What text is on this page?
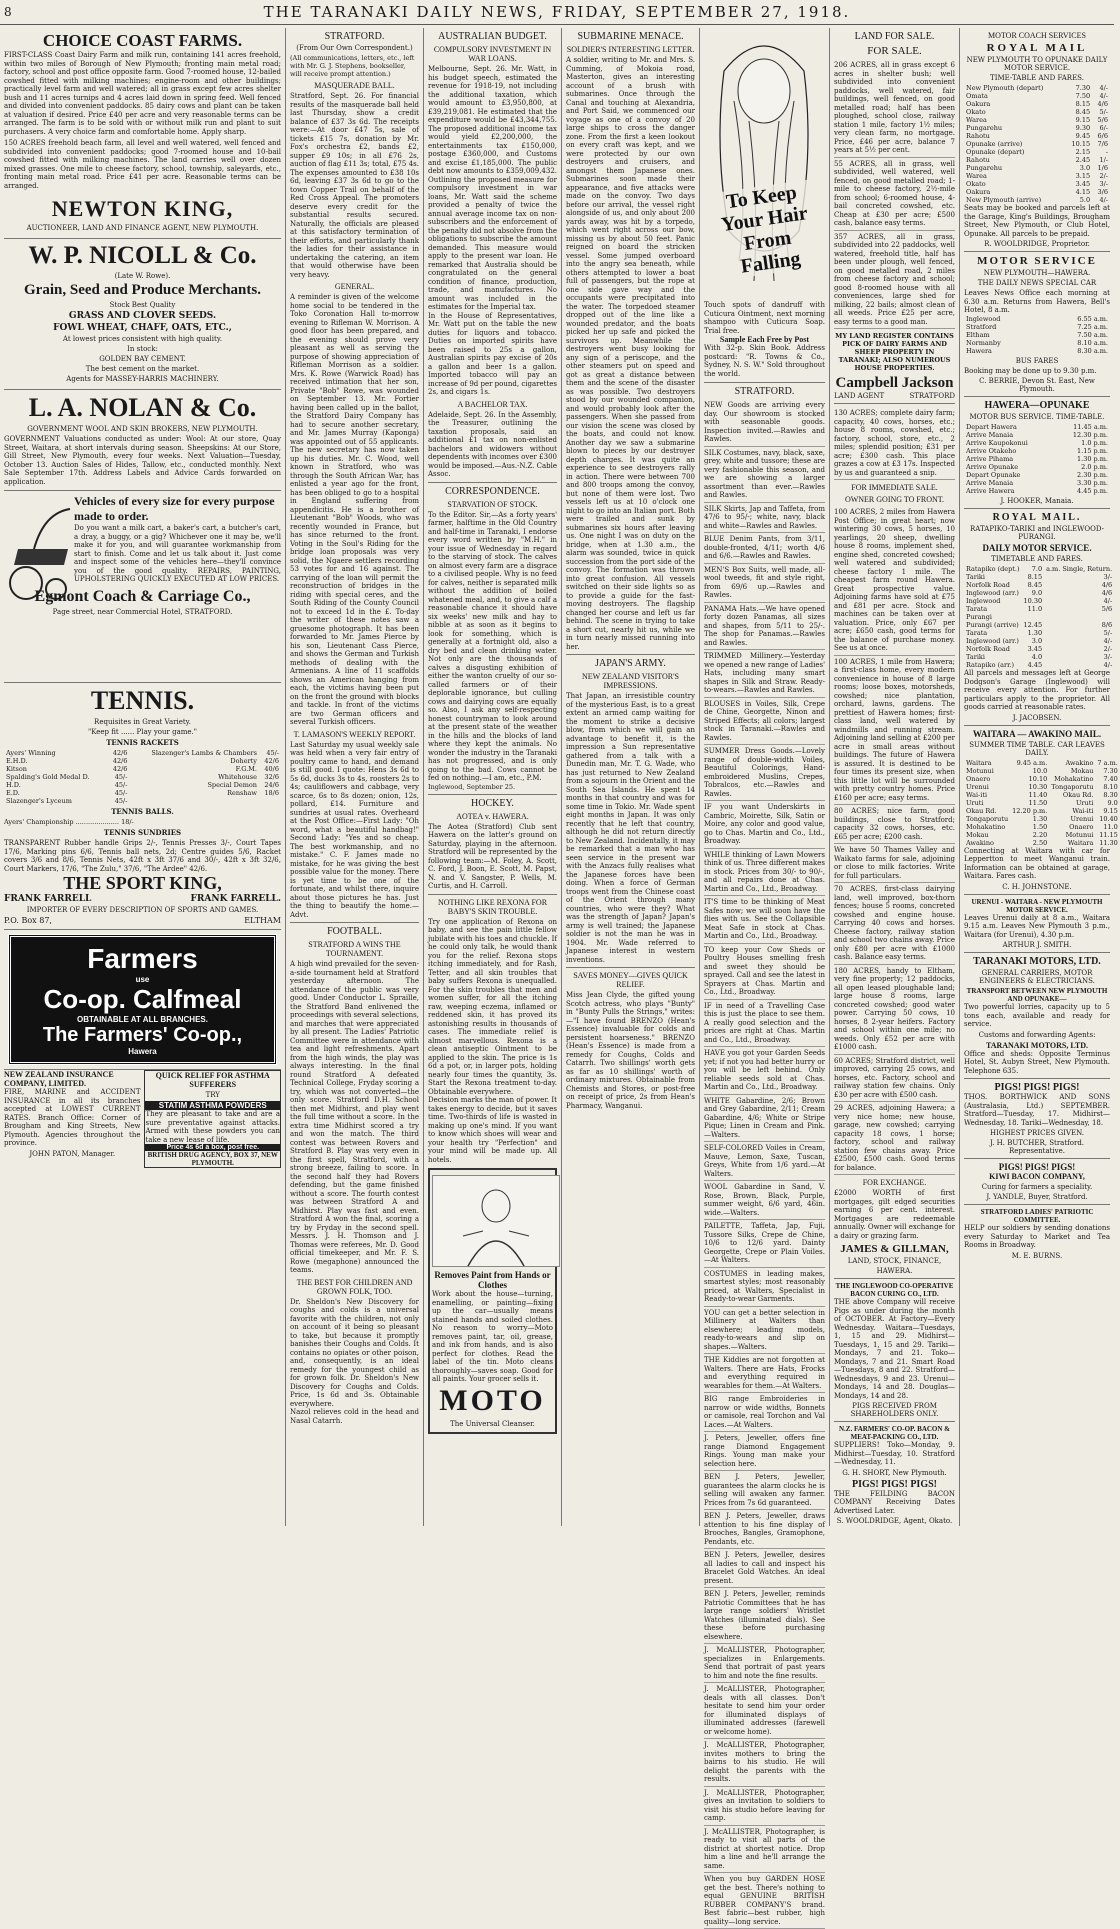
8	THE TARANAKI DAILY NEWS, FRIDAY, SEPTEMBER 27, 1918.
CHOICE COAST FARMS.
FIRST-CLASS Coast Dairy Farm and milk run, containing 141 acres freehold, within two miles of Borough of New Plymouth; fronting main metal road; factory, school and post office opposite farm. Good 7-roomed house, 12-bailed cowshed fitted with milking machines; engine-room and other buildings; practically level farm and well watered; all in grass except few acres shelter bush and 11 acres turnips and 4 acres laid down in spring feed. Well fenced and divided into convenient paddocks. 85 dairy cows and plant can be taken at valuation if desired. Price £40 per acre and very reasonable terms can be arranged. The farm is to be sold with or without milk run and plant to suit purchasers. A very choice farm and comfortable home. Apply sharp.
150 ACRES freehold beach farm, all level and well watered, well fenced and subdivided into convenient paddocks; good 7-roomed house and 10-bail cowshed fitted with milking machines. The land carries well over dozen mixed grasses. One mile to cheese factory, school, township, saleyards, etc., fronting main metal road. Price £41 per acre. Reasonable terms can be arranged.
NEWTON KING,
AUCTIONEER, LAND AND FINANCE AGENT, NEW PLYMOUTH.
W. P. NICOLL & Co.
(Late W. Rowe).
Grain, Seed and Produce Merchants.
Stock Best Quality
GRASS AND CLOVER SEEDS.
FOWL WHEAT, CHAFF, OATS, ETC.,
At lowest prices consistent with high quality.
In stock:
GOLDEN BAY CEMENT.
The best cement on the market.
Agents for MASSEY-HARRIS MACHINERY.
L. A. NOLAN & Co.
GOVERNMENT WOOL AND SKIN BROKERS, NEW PLYMOUTH.
GOVERNMENT Valuations conducted as under: Wool: At our store, Quay Street, Waitara, at short intervals during season. Sheepskins: At our Store, Gill Street, New Plymouth, every four weeks. Next Valuation—Tuesday, October 13. Auction Sales of Hides, Tallow, etc., conducted monthly. Next Sale September 17th. Address Labels and Advice Cards forwarded on application.
Vehicles of every size for every purpose made to order.
Do you want a milk cart, a baker's cart, a butcher's cart, a dray, a buggy, or a gig? Whichever one it may be, we'll make it for you, and will guarantee workmanship from start to finish. Come and let us talk about it. Just come and inspect some of the vehicles here—they'll convince you of the good quality. REPAIRS, PAINTING, UPHOLSTERING QUICKLY EXECUTED AT LOW PRICES.
Egmont Coach & Carriage Co.,
Page street, near Commercial Hotel, STRATFORD.
TENNIS.
Requisites in Great Variety.
"Keep fit ...... Play your game."
TENNIS RACKETS
Ayers' Winning	42/6	Slazenger's Lambs & Chambers	45/-
E.H.D.	42/6	Doherty	42/6
Kitson	42/6	F.G.M.	40/6
Spalding's Gold Medal D.	45/-	Whitehouse	32/6
H.D.	45/-	Special Demon	24/6
E.D.	45/-	Renshaw	18/6
Slazenger's Lyceum	45/-		
TENNIS BALLS.
Ayers' Championship ..................... 18/-
TENNIS SUNDRIES
TRANSPARENT Rubber handle Grips 2/-, Tennis Presses 3/-, Court Tapes 17/6, Marking pins 6/6, Tennis ball nets, 2d; Centre guides 5/6, Racket covers 3/6 and 8/6, Tennis Nets, 42ft x 3ft 37/6 and 30/-, 42ft x 3ft 32/6, Court Markers, 17/6, "The Zulu," 37/6, "The Ardee" 42/6.
THE SPORT KING,
FRANK FARRELL	FRANK FARRELL.
IMPORTER OF EVERY DESCRIPTION OF SPORTS AND GAMES.
P.O. Box 87,	ELTHAM
Farmers
use
Co-op. Calfmeal
OBTAINABLE AT ALL BRANCHES.
The Farmers' Co-op.,
Hawera
NEW ZEALAND INSURANCE COMPANY, LIMITED.
FIRE, MARINE and ACCIDENT INSURANCE in all its branches accepted at LOWEST CURRENT RATES. Branch Office: Corner of Brougham and King Streets, New Plymouth. Agencies throughout the province.
JOHN PATON, Manager.
QUICK RELIEF FOR ASTHMA SUFFERERS
TRY
STATIM ASTHMA POWDERS
They are pleasant to take and are a sure preventative against attacks. Armed with these powders you can take a new lease of life.
Price 4s 6d a box, post free.
BRITISH DRUG AGENCY, BOX 37, NEW PLYMOUTH.
STRATFORD.
(From Our Own Correspondent.)
(All communications, letters, etc., left with Mr. G. J. Stephens, bookseller, will receive prompt attention.)
MASQUERADE BALL.
Stratford, Sept. 26. For financial results of the masquerade ball held last Thursday, show a credit balance of £37 3s 6d. The receipts were:—At door £47 5s, sale of tickets £15 7s, donation by Mr. Fox's orchestra £2, bands £2, supper £9 10s; in all £76 2s, auction of flag £11 3s; total, £75 4s. The expenses amounted to £38 10s 6d, leaving £37 3s 6d to go to the town Copper Trail on behalf of the Red Cross Appeal. The promoters deserve every credit for the substantial results secured. Naturally, the officials are pleased at this satisfactory termination of their efforts, and particularly thank the ladies for their assistance in undertaking the catering, an item that would otherwise have been very heavy.
GENERAL.
A reminder is given of the welcome home social to be tendered in the Toko Coronation Hall to-morrow evening to Rifleman W. Morrison. A good floor has been prepared, and the evening should prove very pleasant as well as serving the purpose of showing appreciation of Rifleman Morrison as a soldier. Mrs. K. Rowe (Warwick Road) has received intimation that her son, Private "Bob" Rowe, was wounded on September 13. Mr. Fortier having been called up in the ballot, the Stratford Dairy Company has had to secure another secretary, and Mr. James Murray (Kaponga) was appointed out of 55 applicants. The new secretary has now taken up his duties. Mr. C. Wood, well known in Stratford, who was through the South African War, has enlisted a year ago for the front, has been obliged to go to a hospital in England suffering from appendicitis. He is a brother of Lieutenant "Bob" Woods, who was recently wounded in France, but has since returned to the front. Voting in the Soul's Riding for the bridge loan proposals was very solid, the Ngaere settlers recording 53 votes for and 16 against. The carrying of the loan will permit the reconstruction of bridges in the riding with special ceres, and the South Riding of the County Council not to exceed 1d in the £. To-day the writer of these notes saw a gruesome photograph. It has been forwarded to Mr. James Pierce by his son, Lieutenant Cass Pierce, and shows the German and Turkish methods of dealing with the Armenians. A line of 11 scaffolds shows an American hanging from each, the victims having been put on the front the ground with blocks and tackle. In front of the victims are two German officers and several Turkish officers.
T. LAMASON'S WEEKLY REPORT.
Last Saturday my usual weekly sale was held when a very fair entry of poultry came to hand, and demand is still good. I quote: Hens 3s 6d to 5s 6d, ducks 3s to 4s, roosters 2s to 4s; cauliflowers and cabbage, very scarce, 6s to 8s dozen; onion, 12s, pollard, £14. Furniture and sundries at usual rates. Overheard at the Post Office:—First Lady: "Oh word, what a beautiful handbag!" Second Lady: "Yes and so cheap. The best workmanship, and no mistake." C. F. James made no mistake, for he was giving the best possible value for the money. There is yet time to be one of the fortunate, and whilst there, inquire about those pictures he has. Just the thing to beautify the home.—Advt.
FOOTBALL.
STRATFORD A WINS THE TOURNAMENT.
A high wind prevailed for the seven-a-side tournament held at Stratford yesterday afternoon. The attendance of the public was very good. Under Conductor L. Spraille, the Stratford Band enlivened the proceedings with several selections, and marches that were appreciated by all present. The Ladies' Patriotic Committee were in attendance with tea and light refreshments. Apart from the high winds, the play was always interesting. In the final round Stratford A defeated Technical College, Fryday scoring a try, which was not converted—the only score. Stratford D.H. School then met Midhirst, and play went the full time without a score. In the extra time Midhirst scored a try and won the match. The third contest was between Rovers and Stratford B. Play was very even in the first spell, Stratford, with a strong breeze, failing to score. In the second half they had Rovers defending, but the game finished without a score. The fourth contest was between Stratford A and Midhirst. Play was fast and even. Stratford A won the final, scoring a try by Fryday in the second spell. Messrs. J. H. Thomson and J. Thomas were referees, Mr. D. Good official timekeeper, and Mr. F. S. Rowe (megaphone) announced the teams.
THE BEST FOR CHILDREN AND GROWN FOLK, TOO.
Dr. Sheldon's New Discovery for coughs and colds is a universal favorite with the children, not only on account of it being so pleasant to take, but because it promptly banishes their Coughs and Colds. It contains no opiates or other poison, and, consequently, is an ideal remedy for the youngest child as for grown folk. Dr. Sheldon's New Discovery for Coughs and Colds. Price, 1s 6d and 3s. Obtainable everywhere.
Nazol relieves cold in the head and Nasal Catarrh.
AUSTRALIAN BUDGET.
COMPULSORY INVESTMENT IN WAR LOANS.
Melbourne, Sept. 26. Mr. Watt, in his budget speech, estimated the revenue for 1918-19, not including the additional taxation, which would amount to £3,950,800, at £39,219,081. He estimated that the expenditure would be £43,344,755. The proposed additional income tax would yield £2,200,000, the entertainments tax £150,000, postage £360,000, and Customs and excise £1,185,000. The public debt now amounts to £359,009,432. Outlining the proposed measure for compulsory investment in war loans, Mr. Watt said the scheme provided a penalty of twice the annual average income tax on non-subscribers and the enforcement of the penalty did not absolve from the obligations to subscribe the amount demanded. This measure would apply to the present war loan. He remarked that Australia should be congratulated on the general condition of finance, production, trade, and manufactures. No amount was included in the estimates for the Imperial tax.
In the House of Representatives, Mr. Watt put on the table the new duties for liquors and tobacco. Duties on imported spirits have been raised to 25s a gallon, Australian spirits pay excise of 20s a gallon and beer 1s a gallon. Imported tobacco will pay an increase of 9d per pound, cigarettes 2s, and cigars 1s.
A BACHELOR TAX.
Adelaide, Sept. 26. In the Assembly, the Treasurer, outlining the taxation proposals, said an additional £1 tax on non-enlisted bachelors and widowers without dependents with incomes over £300 would be imposed.—Aus.-N.Z. Cable Assoc.
CORRESPONDENCE.
STARVATION OF STOCK.
To the Editor. Sir,—As a forty years' farmer, halftime in the Old Country and half-time in Taranaki, I endorse every word written by "M.H." in your issue of Wednesday in regard to the starving of stock. The calves on almost every farm are a disgrace to a civilised people. Why is no feed for calves, neither is separated milk without the addition of boiled whatened meal, and, to give a calf a reasonable chance it should have six weeks' new milk and hay to nibble at as soon as it begins to look for something, which is generally at a fortnight old, also a dry bed and clean drinking water. Not only are the thousands of calves a disgusting exhibition of either the wanton cruelty of our so-called farmers or of their deplorable ignorance, but culling cows and dairying cows are equally so. Also, I ask any self-respecting honest countryman to look around at the present state of the weather in the hills and the blocks of land where they kept the animals. No wonder the industry in the Taranaki has not progressed, and is only going to the bad. Cows cannot be fed on nothing.—I am, etc., P.M.
Inglewood, September 25.
HOCKEY.
AOTEA v. HAWERA.
The Aotea (Stratford) Club sent Hawera on the latter's ground on Saturday, playing in the afternoon. Stratford will be represented by the following team:—M. Foley, A. Scott, C. Ford, J. Boon, E. Scott, M. Papst, N. and V. Sangster, P. Wells, M. Curtis, and H. Carroll.
NOTHING LIKE REXONA FOR BABY'S SKIN TROUBLE.
Try one application of Rexona on baby, and see the pain little fellow jubilate with his toes and chuckle. If he could only talk, he would thank you for the relief. Rexona stops itching immediately, and for Rash, Tetter, and all skin troubles that baby suffers Rexona is unequalled. For the skin troubles that men and women suffer, for all the itching raw, weeping eczema, inflamed or reddened skin, it has proved its astonishing results in thousands of cases. The immediate relief is almost marvellous. Rexona is a clean antiseptic Ointment to be applied to the skin. The price is 1s 6d a pot, or, in larger pots, holding nearly four times the quantity, 3s. Start the Rexona treatment to-day. Obtainable everywhere.
Decision marks the man of power. It takes energy to decide, but it saves time. Two-thirds of life is wasted in making up one's mind. If you want to know which shoes will wear and your health try "Perfection" and your mind will be made up. All hotels.
Removes Paint from Hands or Clothes
Work about the house—turning, enamelling, or painting—fixing up the car—usually means stained hands and soiled clothes. No reason to worry—Moto removes paint, tar, oil, grease, and ink from hands, and is also perfect for clothes. Read the label of the tin. Moto cleans thoroughly—saves soap. Good for all paints. Your grocer sells it.
MOTO
The Universal Cleanser.
SUBMARINE MENACE.
SOLDIER'S INTERESTING LETTER.
A soldier, writing to Mr. and Mrs. S. Cumming, of Mokoia road, Masterton, gives an interesting account of a brush with submarines. Once through the Canal and touching at Alexandria, and Port Said, we commenced our voyage as one of a convoy of 20 large ships to cross the danger zone. From the first a keen lookout on every craft was kept, and we were protected by our own destroyers and cruisers, and amongst them Japanese ones. Submarines soon made their appearance, and five attacks were made on the convoy. Two days before our arrival, the vessel right alongside of us, and only about 200 yards away, was hit by a torpedo, which went right across our bow, missing us by about 50 feet. Panic reigned on board the stricken vessel. Some jumped overboard into the angry sea beneath, while others attempted to lower a boat full of passengers, but the rope at one side gave way and the occupants were precipitated into the water. The torpedoed steamer dropped out of the line like a wounded predator, and the boats picked her up safe and picked the survivors up. Meanwhile the destroyers went busy looking for any sign of a periscope, and the other steamers put on speed and got as great a distance between them and the scene of the disaster as was possible. Two destroyers stood by our wounded companion, and would probably look after the passengers. When she passed from our vision the scene was closed by the boats, and could not know. Another day we saw a submarine blown to pieces by our destroyer depth charges. It was quite an experience to see destroyers rally in action. There were between 700 and 800 troops among the convoy, but none of them were lost. Two vessels left us at 10 o'clock one night to go into an Italian port. Both were trailed and sunk by submarines six hours after leaving us. One night I was on duty on the bridge, when at 1.30 a.m., the alarm was sounded, twice in quick succession from the port side of the convoy. The formation was thrown into great confusion. All vessels switched on their side lights so as to provide a guide for the fast-moving destroyers. The flagship changed her course and left us far behind. The scene in trying to take a short cut, nearly hit us, while we in turn nearly missed running into her.
JAPAN'S ARMY.
NEW ZEALAND VISITOR'S IMPRESSIONS.
That Japan, an irresistible country of the mysterious East, is to a great extent an armed camp waiting for the moment to strike a decisive blow, from which we will gain an advantage to benefit it, is the impression a Sun representative gathered from a talk with a Dunedin man, Mr. T. G. Wade, who has just returned to New Zealand from a sojourn in the Orient and the South Sea Islands. He spent 14 months in that country and was for some time in Tokio. Mr. Wade spent eight months in Japan. It was only recently that he left that country, although he did not return directly to New Zealand. Incidentally, it may be remarked that a man who has seen service in the present war with the Anzacs fully realises what the Japanese forces have been doing. When a force of German troops went from the Chinese coast of the Orient through many countries, who were they? What was the strength of Japan? Japan's army is well trained; the Japanese soldier is not the man he was in 1904. Mr. Wade referred to Japanese interest in western inventions.
SAVES MONEY—GIVES QUICK RELIEF.
Miss Jean Clyde, the gifted young Scotch actress, who plays "Bunty" in "Bunty Pulls the Strings," writes:—"I have found BRENZO (Hean's Essence) invaluable for colds and persistent hoarseness." BRENZO (Hean's Essence) is made from a remedy for Coughs, Colds and Catarrh. Two shillings' worth gets as far as 10 shillings' worth of ordinary mixtures. Obtainable from Chemists and Stores, or post-free on receipt of price, 2s from Hean's Pharmacy, Wanganui.
To Keep Your Hair From Falling
Touch spots of dandruff with Cuticura Ointment, next morning shampoo with Cuticura Soap. Trial free.
Sample Each Free by Post
With 32-p. Skin Book. Address postcard: "R. Towns & Co., Sydney, N. S. W." Sold throughout the world.
STRATFORD.
NEW Goods are arriving every day. Our showroom is stocked with seasonable goods. Inspection invited.—Rawles and Rawles.
SILK Costumes, navy, black, saxe, grey, white and tussore; these are very fashionable this season, and we are showing a larger assortment than ever.—Rawles and Rawles.
SILK Skirts, Jap and Taffeta, from 47/6 to 95/-; white, navy, black and white—Rawles and Rawles.
BLUE Denim Pants, from 3/11, double-fronted, 4/11; worth 4/6 and 6/6.—Rawles and Rawles.
MEN'S Box Suits, well made, all-wool tweeds, fit and style right, from 69/6 up.—Rawles and Rawles.
PANAMA Hats.—We have opened forty dozen Panamas, all sizes and shapes, from 5/11 to 25/-. The shop for Panamas.—Rawles and Rawles.
TRIMMED Millinery.—Yesterday we opened a new range of Ladies' Hats, including many smart shapes in Silk and Straw. Ready-to-wears.—Rawles and Rawles.
BLOUSES in Voiles, Silk, Crepe de Chine, Georgette, Ninon and Striped Effects; all colors; largest stock in Taranaki.—Rawles and Rawles.
SUMMER Dress Goods.—Lovely range of double-width Voiles, Beautiful Colorings, Hand-embroidered Muslins, Crepes, Tobralcos, etc.—Rawles and Rawles.
IF you want Underskirts in Cambric, Moirette, Silk, Satin or Moire, any color and good value, go to Chas. Martin and Co., Ltd., Broadway.
WHILE thinking of Lawn Mowers think of us. Three different makes in stock. Prices from 30/- to 90/-, and all repairs done at Chas. Martin and Co., Ltd., Broadway.
IT'S time to be thinking of Meat Safes now; we will soon have the flies with us. See the Collapsible Meat Safe in stock at Chas. Martin and Co., Ltd., Broadway.
TO keep your Cow Sheds or Poultry Houses smelling fresh and sweet they should be sprayed. Call and see the latest in Sprayers at Chas. Martin and Co., Ltd., Broadway.
IF in need of a Travelling Case this is just the place to see them. A really good selection and the prices are right at Chas. Martin and Co., Ltd., Broadway.
HAVE you got your Garden Seeds yet; if not you had better hurry or you will be left behind. Only reliable seeds sold at Chas. Martin and Co., Ltd., Broadway.
WHITE Gabardine, 2/6; Brown and Grey Gabardine, 2/11; Cream Gabardine, 4/6; White or Stripe Pique; Linen in Cream and Pink.—Walters.
SELF-COLORED Voiles in Cream, Mauve, Lemon, Saxe, Tuscan, Greys, White from 1/6 yard.—At Walters.
WOOL Gabardine in Sand, V. Rose, Brown, Black, Purple, summer weight, 6/6 yard, 46in. wide.—Walters.
PAILETTE, Taffeta, Jap, Fuji, Tussore Silks, Crepe de Chine, 10/6 to 12/6 yard. Dainty Georgette, Crepe or Plain Voiles.—At Walters.
COSTUMES in leading makes, smartest styles; most reasonably priced, at Walters, Specialist in Ready-to-wear Garments.
YOU can get a better selection in Millinery at Walters than elsewhere; leading models, ready-to-wears and slip on shapes.—Walters.
THE Kiddies are not forgotten at Walters. There are Hats, Frocks and everything required in wearables for them.—At Walters.
BIG range Embroideries in narrow or wide widths, Bonnets or camisole, real Torchon and Val Laces.—At Walters.
J. Peters, Jeweller, offers fine range Diamond Engagement Rings. Young man make your selection here.
BEN J. Peters, Jeweller, guarantees the alarm clocks he is selling will awaken any farmer. Prices from 7s 6d guaranteed.
BEN J. Peters, Jeweller, draws attention to his fine display of Brooches, Bangles, Gramophone, Pendants, etc.
BEN J. Peters, Jeweller, desires all ladies to call and inspect his Bracelet Gold Watches. An ideal present.
BEN J. Peters, Jeweller, reminds Patriotic Committees that he has large range soldiers' Wristlet Watches (illuminated dials). See these before purchasing elsewhere.
J. McALLISTER, Photographer, specializes in Enlargements. Send that portrait of past years to him and note the fine results.
J. McALLISTER, Photographer, deals with all classes. Don't hesitate to send him your order for illuminated displays of illuminated addresses (farewell or welcome home).
J. McALLISTER, Photographer, invites mothers to bring the bairns to his studio. He will delight the parents with the results.
J. McALLISTER, Photographer, gives an invitation to soldiers to visit his studio before leaving for camp.
J. McALLISTER, Photographer, is ready to visit all parts of the district at shortest notice. Drop him a line and he'll arrange the same.
When you buy GARDEN HOSE get the best. There's nothing to equal GENUINE BRITISH RUBBER COMPANY'S brand. Best fabric—best rubber, high quality—long service.
LAND FOR SALE.
FOR SALE.
206 ACRES, all in grass except 6 acres in shelter bush; well subdivided into convenient paddocks, well watered, fair buildings, well fenced, on good metalled road; half has been ploughed, school close, railway station 1 mile, factory 1½ miles; very clean farm, no mortgage. Price, £46 per acre, balance 7 years at 5½ per cent.
55 ACRES, all in grass, well subdivided, well watered, well fenced, on good metalled road; 1-mile to cheese factory, 2½-mile from school; 6-roomed house, 4-bail concreted cowshed, etc. Cheap at £30 per acre; £500 cash, balance easy terms.
357 ACRES, all in grass, subdivided into 22 paddocks, well watered, freehold title, half has been under plough, well fenced, on good metalled road, 2 miles from cheese factory and school; good 8-roomed house with all conveniences, large shed for milking, 22 bails; almost clean of all weeds. Price £25 per acre, easy terms to a good man.
MY LAND REGISTER CONTAINS PICK OF DAIRY FARMS AND SHEEP PROPERTY IN TARANAKI; ALSO NUMEROUS HOUSE PROPERTIES.
Campbell Jackson
LAND AGENT	STRATFORD
130 ACRES; complete dairy farm; capacity, 40 cows, horses, etc.; house 8 rooms, cowshed, etc.; factory, school, store, etc., 2 miles; splendid position; £31 per acre; £300 cash. This place grazes a cow at £3 17s. Inspected by us and guaranteed a snip.
FOR IMMEDIATE SALE.
OWNER GOING TO FRONT.
100 ACRES, 2 miles from Hawera Post Office; in great heart; now wintering 30 cows, 5 horses, 10 yearlings, 20 sheep, dwelling house 8 rooms, implement shed, engine shed, concreted cowshed; well watered and subdivided; cheese factory 1 mile. The cheapest farm round Hawera. Great prospective value. Adjoining farms have sold at £75 and £81 per acre. Stock and machines can be taken over at valuation. Price, only £67 per acre; £650 cash, good terms for the balance of purchase money. See us at once.
100 ACRES, 1 mile from Hawera; a first-class home, every modern convenience in house of 8 large rooms; loose boxes, motorsheds, cowshed; nice plantation, orchard, lawns, gardens. The prettiest of Hawera homes; first-class land, well watered by windmills and running stream. Adjoining land selling at £200 per acre in small areas without buildings. The future of Hawera is assured. It is destined to be four times its present size, when this little lot will be surrounded with pretty country homes. Price £160 per acre; easy terms.
80 ACRES; nice farm, good buildings, close to Stratford; capacity 32 cows, horses, etc. £65 per acre; £200 cash.
We have 50 Thames Valley and Waikato farms for sale, adjoining or close to milk factories. Write for full particulars.
70 ACRES, first-class dairying land, well improved, box-thorn fences; house 5 rooms, concreted cowshed and engine house. Carrying 40 cows and horses. Cheese factory, railway station and school two chains away. Price only £80 per acre with £1000 cash. Balance easy terms.
180 ACRES, handy to Eltham, very fine property; 12 paddocks, all open leased ploughable land; large house 8 rooms, large concreted cowshed; good water power. Carrying 50 cows, 10 horses, 8 2-year heifers. Factory and school within one mile; no weeds. Only £52 per acre with £1000 cash.
60 ACRES; Stratford district, well improved, carrying 25 cows, and horses, etc. Factory, school and railway station few chains. Only £30 per acre with £500 cash.
29 ACRES, adjoining Hawera; a very nice home; new house, garage, new cowshed; carrying capacity 18 cows, 1 horse; factory, school and railway station few chains away. Price £2500, £500 cash. Good terms for balance.
FOR EXCHANGE.
£2000 WORTH of first mortgages, gilt edged securities earning 6 per cent. interest. Mortgages are redeemable annually. Owner will exchange for a dairy or grazing farm.
JAMES & GILLMAN,
LAND, STOCK, FINANCE,
HAWERA.
THE INGLEWOOD CO-OPERATIVE BACON CURING CO., LTD.
THE above Company will receive Pigs as under during the month of OCTOBER. At Factory—Every Wednesday. Waitara—Tuesdays, 1, 15 and 29. Midhirst—Tuesdays, 1, 15 and 29. Tariki—Mondays, 7 and 21. Toko—Mondays, 7 and 21. Smart Road—Tuesdays, 8 and 22. Stratford—Wednesdays, 9 and 23. Urenui—Mondays, 14 and 28. Douglas—Mondays, 14 and 28.
PIGS RECEIVED FROM SHAREHOLDERS ONLY.
N.Z. FARMERS' CO-OP. BACON & MEAT-PACKING CO., LTD.
SUPPLIERS! Toko—Monday, 9. Midhirst—Tuesday, 10. Stratford—Wednesday, 11.
G. H. SHORT, New Plymouth.
PIGS! PIGS! PIGS!
THE FEILDING BACON COMPANY Receiving Dates Advertised Later.
S. WOOLDRIDGE, Agent, Okato.
MOTOR COACH SERVICES
ROYAL MAIL
NEW PLYMOUTH TO OPUNAKE DAILY MOTOR SERVICE.
TIME-TABLE AND FARES.
New Plymouth (depart)	7.30	4/-
Omata	7.50	4/-
Oakura	8.15	4/6
Okato	8.45	5/-
Warea	9.15	5/6
Pungarehu	9.30	6/-
Rahotu	9.45	6/6
Opunake (arrive)	10.15	7/6
Opunake (depart)	2.15	-
Rahotu	2.45	1/-
Pungarehu	3.0	1/6
Warea	3.15	2/-
Okato	3.45	3/-
Oakura	4.15	3/6
New Plymouth (arrive)	5.0	4/-
Seats may be booked and parcels left at the Garage, King's Buildings, Brougham Street, New Plymouth, or Club Hotel, Opunake. All parcels to be prepaid.
R. WOOLDRIDGE, Proprietor.
MOTOR SERVICE
NEW PLYMOUTH—HAWERA.
THE DAILY NEWS SPECIAL CAR
Leaves News Office each morning at 6.30 a.m. Returns from Hawera, Bell's Hotel, 8 a.m.
Inglewood	6.55 a.m.
Stratford	7.25 a.m.
Eltham	7.50 a.m.
Normanby	8.10 a.m.
Hawera	8.30 a.m.
BUS FARES
Booking may be done up to 9.30 p.m.
C. BERRIE, Devon St. East, New Plymouth.
HAWERA—OPUNAKE
MOTOR BUS SERVICE. TIME-TABLE.
Depart Hawera	11.45 a.m.
Arrive Manaia	12.30 p.m.
Arrive Kaupokonui	1.0 p.m.
Arrive Otakeho	1.15 p.m.
Arrive Pihama	1.30 p.m.
Arrive Opunake	2.0 p.m.
Depart Opunake	2.30 p.m.
Arrive Manaia	3.30 p.m.
Arrive Hawera	4.45 p.m.
J. HOOKER, Manaia.
ROYAL MAIL.
RATAPIKO-TARIKI and INGLEWOOD-PURANGI.
DAILY MOTOR SERVICE.
TIMETABLE AND FARES.
Ratapiko (dept.)	7.0	a.m. Single, Return.
Tariki	8.15	3/-
Norfolk Road	8.45	4/6
Inglewood (arr.)	9.0	4/6
Inglewood	10.30	4/-
Tarata	11.0	5/6
Purangi		
Purangi (arrive)	12.45	8/6
Tarata	1.30	5/-
Inglewood (arr.)	3.0	4/-
Norfolk Road	3.45	2/-
Tariki	4.0	3/-
Ratapiko (arr.)	4.45	4/-
All parcels and messages left at George Dodgson's Garage (Inglewood) will receive every attention. For further particulars apply to the proprietor. All goods carried at reasonable rates.
J. JACOBSEN.
WAITARA — AWAKINO MAIL.
SUMMER TIME TABLE. CAR LEAVES DAILY.
Waitara	9.45 a.m.	Awakino	7 a.m.
Motunui	10.0	Mokau	7.30
Onaero	10.10	Mohakatino	7.40
Urenui	10.30	Tongaporutu	8.10
Wai-iti	11.40	Okau Rd.	8.30
Uruti	11.50	Uruti	9.0
Okau Rd.	12.20 p.m.	Wai-iti	9.15
Tongaporutu	1.30	Urenui	10.40
Mohakatino	1.50	Onaero	11.0
Mokau	2.20	Motunui	11.15
Awakino	2.50	Waitara	11.30
Connecting at Waitara with car for Leppertton to meet Wanganui train. Information can be obtained at garage, Waitara. Fares cash.
C. H. JOHNSTONE.
URENUI - WAITARA - NEW PLYMOUTH MOTOR SERVICE.
Leaves Urenui daily at 8 a.m., Waitara 9.15 a.m. Leaves New Plymouth 3 p.m., Waitara (for Urenui), 4.30 p.m.
ARTHUR J. SMITH.
TARANAKI MOTORS, LTD.
GENERAL CARRIERS, MOTOR ENGINEERS & ELECTRICIANS.
TRANSPORT BETWEEN NEW PLYMOUTH AND OPUNAKE—
Two powerful lorries, capacity up to 5 tons each, available and ready for service.
Customs and forwarding Agents:
TARANAKI MOTORS, LTD.
Office and sheds: Opposite Terminus Hotel, St. Aubyn Street, New Plymouth. Telephone 635.
PIGS! PIGS! PIGS!
THOS. BORTHWICK AND SONS (Australasia, Ltd.) SEPTEMBER. Stratford—Tuesday, 17. Midhirst—Wednesday, 18. Tariki—Wednesday, 18.
HIGHEST PRICES GIVEN.
J. H. BUTCHER, Stratford. Representative.
PIGS! PIGS! PIGS!
KIWI BACON COMPANY,
Curing for farmers a speciality.
J. YANDLE, Buyer, Stratford.
STRATFORD LADIES' PATRIOTIC COMMITTEE.
HELP our soldiers by sending donations every Saturday to Market and Tea Rooms in Broadway.
M. E. BURNS.
